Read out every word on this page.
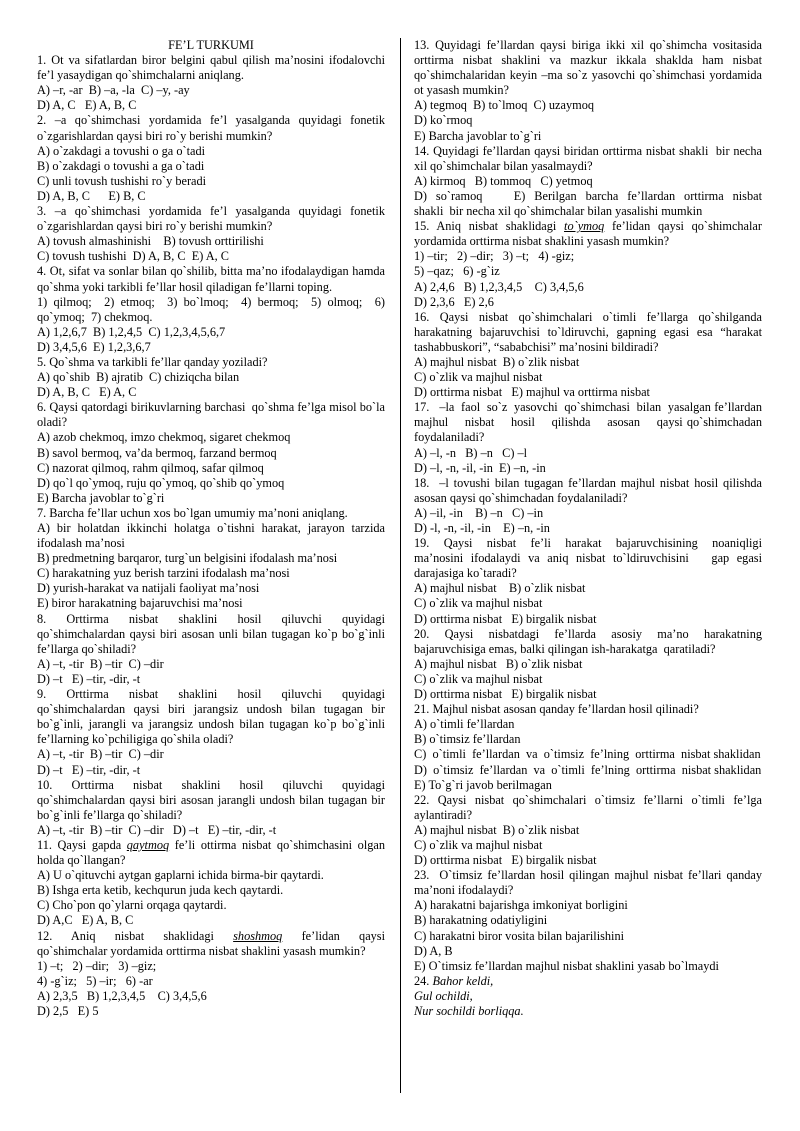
FE’L TURKUMI

1. Ot va sifatlardan biror belgini qabul qilish ma’nosini ifodalovchi fe’l yasaydigan qo`shimchalarni aniqlang.

A) –r, -ar  B) –a, -la  C) –y, -ay

D) A, C   E) A, B, C

2. –a qo`shimchasi yordamida fe’l yasalganda quyidagi fonetik o`zgarishlardan qaysi biri ro`y berishi mumkin?

A) o`zakdagi a tovushi o ga o`tadi

B) o`zakdagi o tovushi a ga o`tadi

C) unli tovush tushishi ro`y beradi

D) A, B, C      E) B, C

3. –a qo`shimchasi yordamida fe’l yasalganda quyidagi fonetik o`zgarishlardan qaysi biri ro`y berishi mumkin?

A) tovush almashinishi    B) tovush orttirilishi

C) tovush tushishi  D) A, B, C  E) A, C

4. Ot, sifat va sonlar bilan qo`shilib, bitta ma’no ifodalaydigan hamda qo`shma yoki tarkibli fe’llar hosil qiladigan fe’llarni toping.

1) qilmoq;  2) etmoq;  3) bo`lmoq;  4) bermoq;  5) olmoq;  6) qo`ymoq;  7) chekmoq.

A) 1,2,6,7  B) 1,2,4,5  C) 1,2,3,4,5,6,7

D) 3,4,5,6  E) 1,2,3,6,7

5. Qo`shma va tarkibli fe’llar qanday yoziladi?

A) qo`shib  B) ajratib  C) chiziqcha bilan

D) A, B, C   E) A, C

6. Qaysi qatordagi birikuvlarning barchasi  qo`shma fe’lga misol bo`la oladi?

A) azob chekmoq, imzo chekmoq, sigaret chekmoq

B) savol bermoq, va’da bermoq, farzand bermoq

C) nazorat qilmoq, rahm qilmoq, safar qilmoq

D) qo`l qo`ymoq, ruju qo`ymoq, qo`shib qo`ymoq

E) Barcha javoblar to`g`ri

7. Barcha fe’llar uchun xos bo`lgan umumiy ma’noni aniqlang.

A) bir holatdan ikkinchi holatga o`tishni harakat, jarayon tarzida ifodalash ma’nosi

B) predmetning barqaror, turg`un belgisini ifodalash ma’nosi

C) harakatning yuz berish tarzini ifodalash ma’nosi

D) yurish-harakat va natijali faoliyat ma’nosi

E) biror harakatning bajaruvchisi ma’nosi

8.   Orttirma   nisbat   shaklini   hosil   qiluvchi   quyidagi qo`shimchalardan qaysi biri asosan unli bilan tugagan ko`p bo`g`inli fe’llarga qo`shiladi?

A) –t, -tir  B) –tir  C) –dir

D) –t   E) –tir, -dir, -t

9.   Orttirma   nisbat   shaklini   hosil   qiluvchi   quyidagi qo`shimchalardan qaysi biri jarangsiz undosh bilan tugagan bir bo`g`inli, jarangli va jarangsiz undosh bilan tugagan ko`p bo`g`inli fe’llarning ko`pchiligiga qo`shila oladi?

A) –t, -tir  B) –tir  C) –dir

D) –t   E) –tir, -dir, -t

10.   Orttirma   nisbat   shaklini   hosil   qiluvchi   quyidagi qo`shimchalardan qaysi biri asosan jarangli undosh bilan tugagan bir bo`g`inli fe’llarga qo`shiladi?

A) –t, -tir  B) –tir  C) –dir   D) –t   E) –tir, -dir, -t

11. Qaysi gapda qaytmoq fe’li ottirma nisbat qo`shimchasini olgan holda qo`llangan?

A) U o`qituvchi aytgan gaplarni ichida birma-bir qaytardi.

B) Ishga erta ketib, kechqurun juda kech qaytardi.

C) Cho`pon qo`ylarni orqaga qaytardi.

D) A,C   E) A, B, C

12.   Aniq   nisbat   shaklidagi   shoshmoq   fe’lidan   qaysi qo`shimchalar yordamida orttirma nisbat shaklini yasash mumkin?

1) –t;   2) –dir;   3) –giz;

4) -g`iz;   5) –ir;   6) -ar

A) 2,3,5   B) 1,2,3,4,5    C) 3,4,5,6

D) 2,5   E) 5

13. Quyidagi fe’llardan qaysi biriga ikki xil qo`shimcha vositasida orttirma nisbat shaklini va mazkur ikkala shaklda ham nisbat qo`shimchalaridan keyin –ma so`z yasovchi qo`shimchasi yordamida ot yasash mumkin?

A) tegmoq  B) to`lmoq  C) uzaymoq

D) ko`rmoq

E) Barcha javoblar to`g`ri

14. Quyidagi fe’llardan qaysi biridan orttirma nisbat shakli  bir necha xil qo`shimchalar bilan yasalmaydi?

A) kirmoq   B) tommoq   C) yetmoq

D)  so`ramoq       E)  Berilgan  barcha  fe’llardan  orttirma  nisbat shakli  bir necha xil qo`shimchalar bilan yasalishi mumkin

15. Aniq nisbat shaklidagi to`ymoq fe’lidan qaysi qo`shimchalar yordamida orttirma nisbat shaklini yasash mumkin?

1) –tir;   2) –dir;   3) –t;   4) -giz;

5) –qaz;   6) -g`iz

A) 2,4,6   B) 1,2,3,4,5    C) 3,4,5,6

D) 2,3,6   E) 2,6

16. Qaysi nisbat qo`shimchalari o`timli fe’llarga qo`shilganda harakatning bajaruvchisi to`ldiruvchi, gapning egasi esa “harakat tashabbuskori”, “sababchisi” ma’nosini bildiradi?

A) majhul nisbat  B) o`zlik nisbat

C) o`zlik va majhul nisbat

D) orttirma nisbat   E) majhul va orttirma nisbat

17.   –la  faol  so`z  yasovchi  qo`shimchasi  bilan  yasalgan fe’llardan    majhul    nisbat    hosil    qilishda    asosan    qaysi qo`shimchadan foydalaniladi?

A) –l, -n   B) –n   C) –l

D) –l, -n, -il, -in  E) –n, -in

18.  –l tovushi bilan tugagan fe’llardan majhul nisbat hosil qilishda asosan qaysi qo`shimchadan foydalaniladi?

A) –il, -in    B) –n   C) –in

D) -l, -n, -il, -in    E) –n, -in

19.  Qaysi  nisbat  fe’li  harakat  bajaruvchisining  noaniqligi ma’nosini ifodalaydi va aniq nisbat to`ldiruvchisini   gap egasi darajasiga ko`taradi?

A) majhul nisbat    B) o`zlik nisbat

C) o`zlik va majhul nisbat

D) orttirma nisbat   E) birgalik nisbat

20.  Qaysi  nisbatdagi  fe’llarda  asosiy  ma’no  harakatning bajaruvchisiga emas, balki qilingan ish-harakatga  qaratiladi?

A) majhul nisbat   B) o`zlik nisbat

C) o`zlik va majhul nisbat

D) orttirma nisbat   E) birgalik nisbat

21. Majhul nisbat asosan qanday fe’llardan hosil qilinadi?

A) o`timli fe’llardan

B) o`timsiz fe’llardan

C)  o`timli  fe’llardan  va  o`timsiz  fe’lning  orttirma  nisbat shaklidan

D)  o`timsiz  fe’llardan  va  o`timli  fe’lning  orttirma  nisbat shaklidan

E) To`g`ri javob berilmagan

22. Qaysi nisbat qo`shimchalari o`timsiz fe’llarni o`timli fe’lga aylantiradi?

A) majhul nisbat  B) o`zlik nisbat

C) o`zlik va majhul nisbat

D) orttirma nisbat   E) birgalik nisbat

23.  O`timsiz fe’llardan hosil qilingan majhul nisbat fe’llari qanday ma’noni ifodalaydi?

A) harakatni bajarishga imkoniyat borligini

B) harakatning odatiyligini

C) harakatni biror vosita bilan bajarilishini

D) A, B

E) O`timsiz fe’llardan majhul nisbat shaklini yasab bo`lmaydi

24. Bahor keldi,

Gul ochildi,

Nur sochildi borliqqa.
